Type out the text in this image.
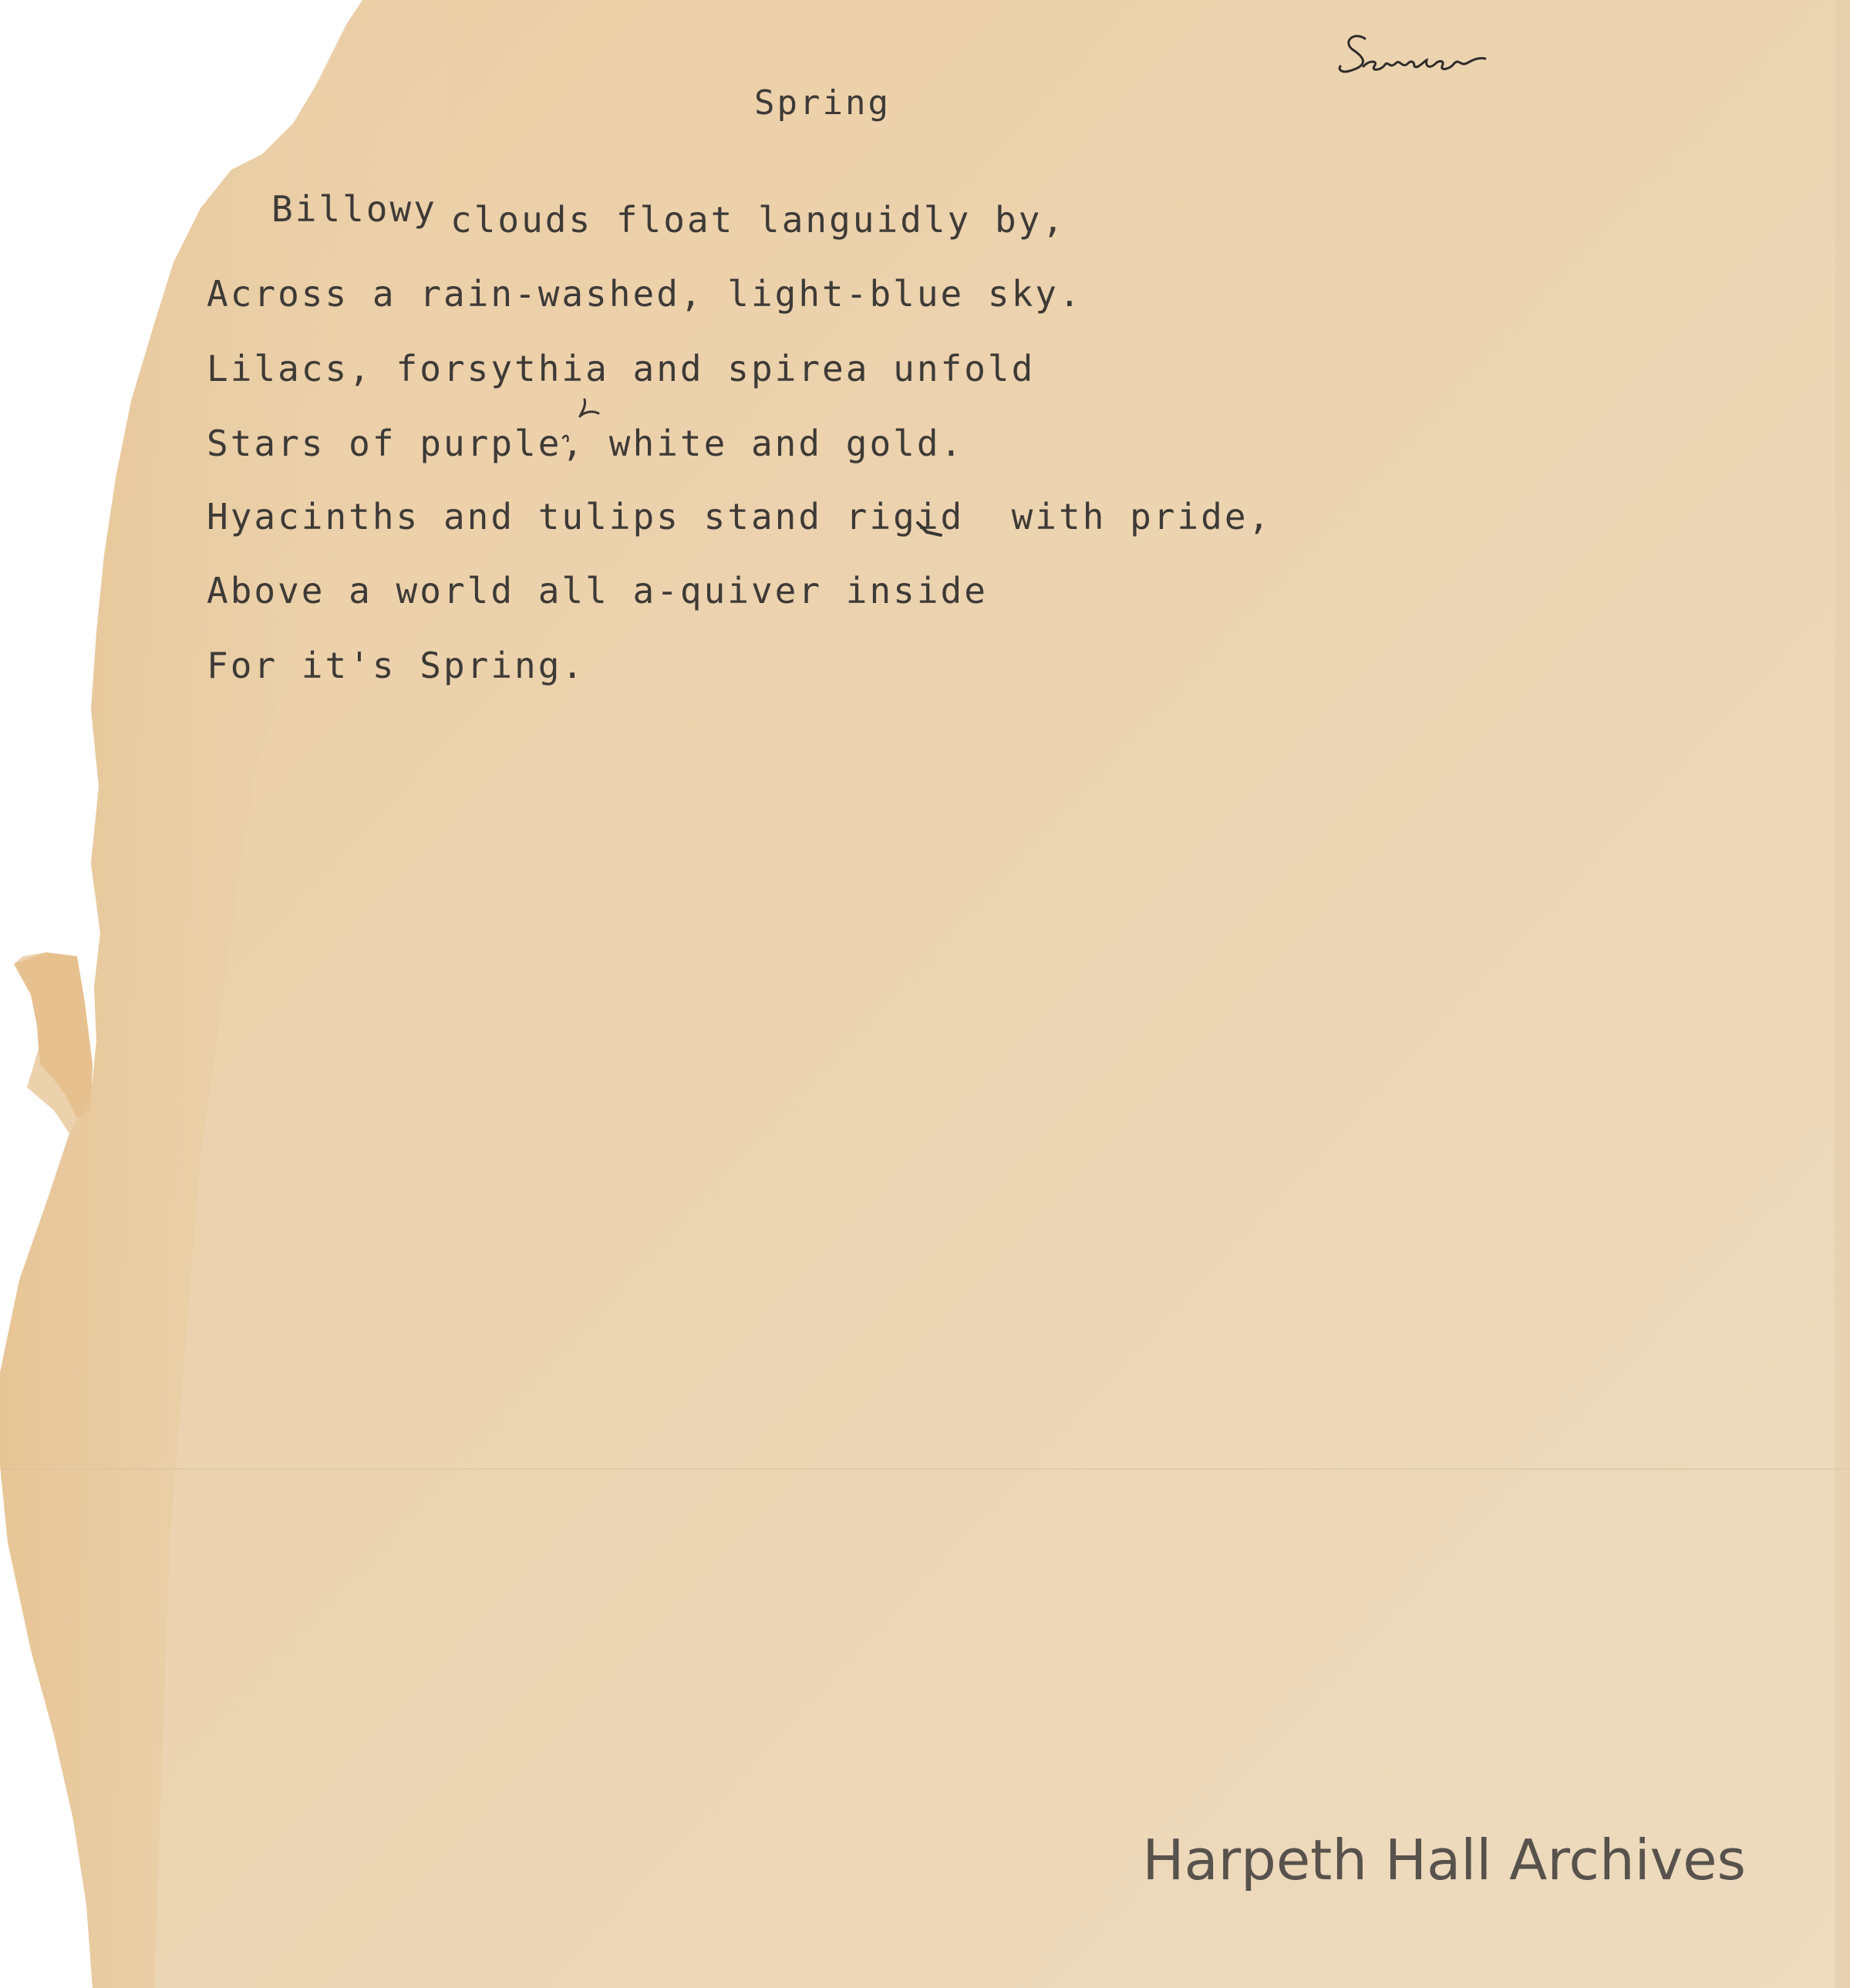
Spring
Billowy clouds float languidly by,
Across a rain-washed, light-blue sky.
Lilacs, forsythia and spirea unfold
Stars of purple, white and gold.
Hyacinths and tulips stand rigid  with pride,
Above a world all a-quiver inside
For it's Spring.
Harpeth Hall Archives
